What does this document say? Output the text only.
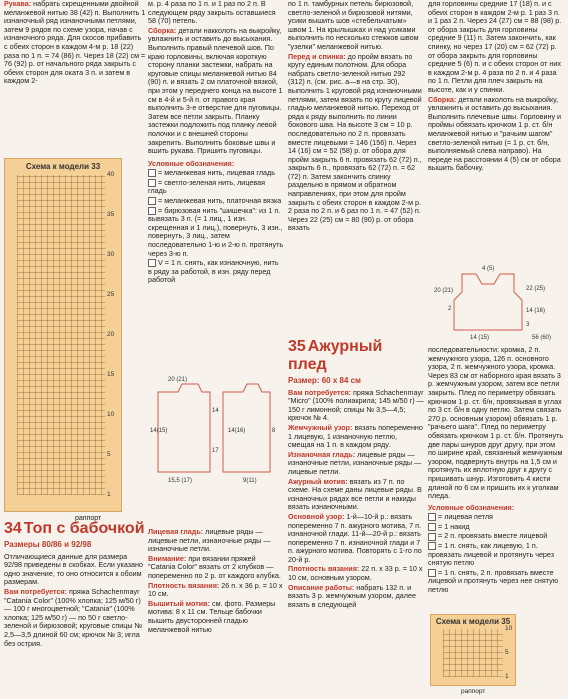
Рукава: набрать скрещенными двойной меланжевой нитью 38 (42) п. Выполнить 1 изнаночный ряд изнаночными петлями, затем 9 рядов по схеме узора, начав с изнаночного ряда. Для скосов прибавить с обеих сторон в каждом 4-м р. 18 (22) раза по 1 п. = 74 (86) п. Через 18 (22) см = 76 (92) р. от начального ряда закрыть с обеих сторон для окатa 3 п. и затем в каждом 2-

Схема к модели 33
40
35
30
25
20
15
10
5
1
раппорт
34 Топ с бабочкой

Размеры 80/86 и 92/98

Отличающиеся данные для размера 92/98 приведены в скобках. Если указано одно значение, то оно относится к обоим размерам.

Вам потребуется: пряжа Schachenmayr "Catania Color" (100% хлопка; 125 м/50 г) — 100 г многоцветной; "Catania" (100% хлопка; 125 м/50 г) — по 50 г светло-зеленой и бирюзовой; круговые спицы № 2,5—3,5 длиной 60 см; крючок № 3; игла без острия.

м. р. 4 раза по 1 п. и 1 раз по 2 п. В следующем ряду закрыть оставшиеся 58 (70) петель.

Сборка: детали накколоть на выкройку, увлажнить и оставить до высыхания. Выполнить правый плечевой шов. По краю горловины, включая короткую сторону планки застежки, набрать на круговые спицы меланжевой нитью 84 (90) п. и вязать 2 см платочной вязкой, при этом у переднего конца на высоте 1 см в 4-й и 5-й п. от правого края выполнить 3-е отверстие для пуговицы. Затем все петли закрыть. Планку застежки подложить под планку левой полочки и с внешней стороны закрепить. Выполнить боковые швы и вшить рукава. Пришить пуговицы.

Условные обозначения:

= меланжевая нить, лицевая гладь

= светло-зеленая нить, лицевая гладь

= меланжевая нить, платочная вязка

= бирюзовая нить "шишечка": из 1 п. вывязать 3 п. (= 1 лиц., 1 изн. скрещенная и 1 лиц.), повернуть, 3 изн., повернуть, 3 лиц., затем последовательно 1-ю и 2-ю п. протянуть через 3-ю п.

V = 1 п. снять, как изнаночную, нить в ряду за работой, в изн. ряду перед работой

20 (21)
14(15)
14
17
14(16)
15,5 (17)	9(11)
8

Лицевая гладь: лицевые ряды — лицевые петли, изнаночные ряды — изнаночные петли.

Внимание: при вязании пряжей "Catania Color" вязать от 2 клубков — попеременно по 2 р. от каждого клубка.

Плотность вязания: 26 п. х 36 р. = 10 х 10 см.

Вышитый мотив: см. фото. Размеры мотива: 8 х 11 см. Тельце бабочки вышить двусторонней гладью меланжевой нитью

по 1 п. тамбурных петель бирюзовой, светло-зеленой и бирюзовой нитями, усики вышить шов «стебельчатым» швом 1. На крылышках и над усиками выполнить по несколько стежков швом "узелки" меланжевой нитью.

Перед и спинка: до пройм вязать по кругу единым полотном. Для обора набрать светло-зеленой нитью 292 (312) п. (см. рис. а—в на стр. 30), выполнить 1 круговой ряд изнаночными петлями, затем вязать по кругу лицевой гладью меланжевой нитью. Переход от ряда к ряду выполнить по линии бокового шва. На высоте 3 см = 10 р. последовательно по 2 п. провязать вместе лицевыми = 146 (156) п. Через 14 (16) см = 52 (58) р. от обора для пройм закрыть 6 п. провязать 62 (72) п., закрыть 6 п., провязать 62 (72) п. = 62 (72) п. Затем закончить спинку раздельно в прямом и обратном направлениях, при этом для пройм закрыть с обеих сторон в каждом 2-м р. 2 раза по 2 п. и 6 раз по 1 п. = 47 (52) п. Через 22 (25) см = 80 (90) р. от обора вязать

35 Ажурный плед

Размер: 60 х 84 см

Вам потребуется: пряжа Schachenmayr "Micro" (100% полиакрила; 145 м/50 г) — 150 г лимонной; спицы № 3,5—4,5; крючок № 4.

Жемчужный узор: вязать попеременно 1 лицевую, 1 изнаночную петлю, смещая на 1 п. в каждом ряду.

Изнаночная гладь: лицевые ряды — изнаночные петли, изнаночные ряды — лицевые петли.

Ажурный мотив: вязать из 7 п. по схеме. На схеме даны лицевые ряды. В изнаночных рядах все петли и накиды вязать изнаночными.

Основной узор: 1-й—10-й р.: вязать попеременно 7 п. ажурного мотива, 7 п. изнаночной глади. 11-й—20-й р.: вязать попеременно 7 п. изнаночной глади и 7 п. ажурного мотива. Повторять с 1-го по 20-й р.

Плотность вязания: 22 п. х 33 р. = 10 х 10 см, основным узором.

Описание работы: набрать 132 п. и вязать 3 р. жемчужным узором, далее вязать в следующей

для горловины средние 17 (18) п. и с обеих сторон в каждом 2-м р. 1 раз 3 п. и 1 раз 2 п. Через 24 (27) см = 88 (98) р. от обора закрыть для горловины средние 9 (11) п. Затем закончить, как спинку, но через 17 (20) см = 62 (72) р. от обора закрыть для горловины средние 5 (6) п. и с обеих сторон от них в каждом 2-м р. 4 раза по 2 п. и 4 раза по 1 п. Петли для плеч закрыть на высоте, как и у спинки.

Сборка: детали наколоть на выкройку, увлажнить и оставить до высыхания. Выполнить плечевые швы. Горловину и проймы обвязать крючком 1 р. ст. б/н меланжевой нитью и "рачьим шагом" светло-зеленой нитью (= 1 р. ст. б/н, выполняемый слева направо). На переде на расстоянии 4 (5) см от обора вышить бабочку.

4 (5)
20 (21)
2
22 (25)
14 (16)
3
14 (15)	56 (60)

последовательности: кромка, 2 п. жемчужного узора, 126 п. основного узора, 2 п. жемчужного узора, кромка. Через 83 см от наборного края вязать 3 р. жемчужным узором, затем все петли закрыть. Плед по периметру обвязать крючком 1 р. ст. б/н, провязывая в углах по 3 ст. б/н в одну петлю. Затем связать 270 р. основным узором) обвязать 1 р. "рачьего шага". Плед по периметру обвязать крючком 1 р. ст. б/н. Протянуть две пары шнуров друг другу, при этом по ширине край, связанный жемчужным узором, подвернуть внутрь на 1,5 см и протянуть их вплотную друг к другу с пришивать шнур. Изготовить 4 кисти длиной по 6 см и пришить их к уголкам пледа.

Условные обозначения:

= лицевая петля

= 1 накид

= 2 п. провязать вместе лицевой

= 1 п. снять, как лицевую, 1 п. провязать лицевой и протянуть через снятую петлю

= 1 п. снять, 2 п. провязать вместе лицевой и протянуть через нее снятую петлю

Схема к модели 35
10
5
1
раппорт
